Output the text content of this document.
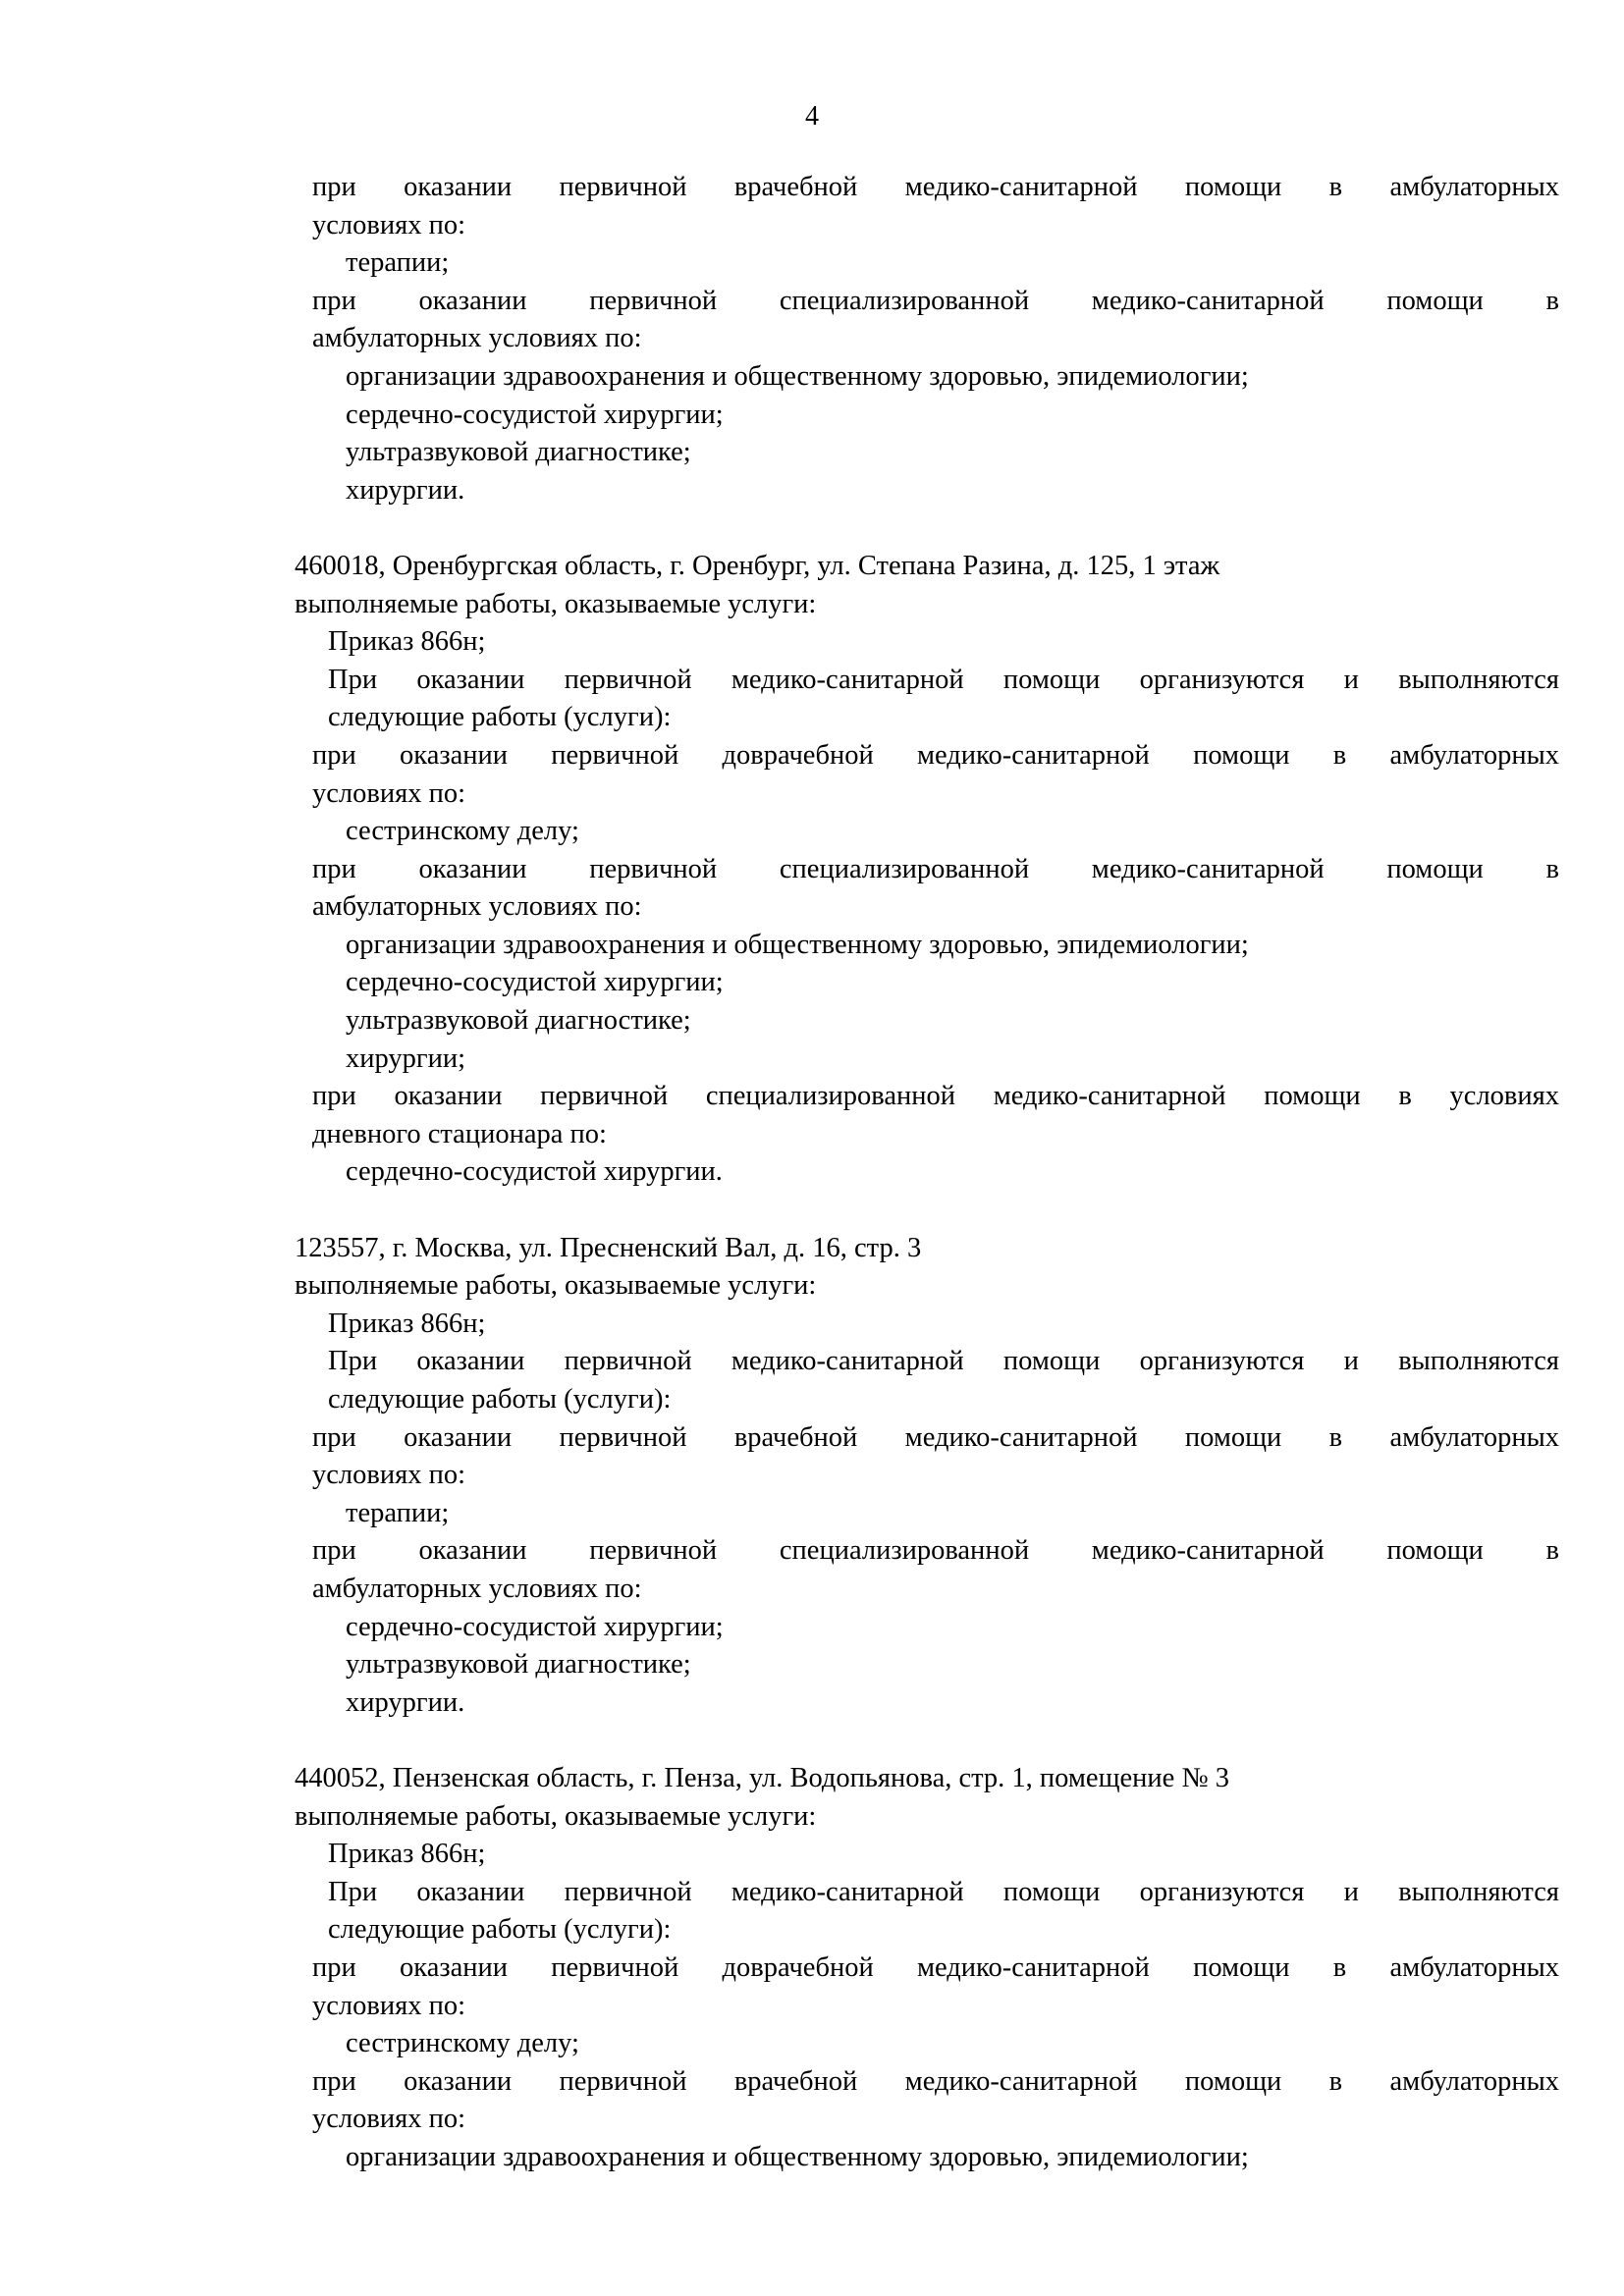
4
при оказании первичной врачебной медико-санитарной помощи в амбулаторных
условиях по:
терапии;
при оказании первичной специализированной медико-санитарной помощи в
амбулаторных условиях по:
организации здравоохранения и общественному здоровью, эпидемиологии;
сердечно-сосудистой хирургии;
ультразвуковой диагностике;
хирургии.
460018, Оренбургская область, г. Оренбург, ул. Степана Разина, д. 125, 1 этаж
выполняемые работы, оказываемые услуги:
Приказ 866н;
При оказании первичной медико-санитарной помощи организуются и выполняются
следующие работы (услуги):
при оказании первичной доврачебной медико-санитарной помощи в амбулаторных
условиях по:
сестринскому делу;
при оказании первичной специализированной медико-санитарной помощи в
амбулаторных условиях по:
организации здравоохранения и общественному здоровью, эпидемиологии;
сердечно-сосудистой хирургии;
ультразвуковой диагностике;
хирургии;
при оказании первичной специализированной медико-санитарной помощи в условиях
дневного стационара по:
сердечно-сосудистой хирургии.
123557, г. Москва, ул. Пресненский Вал, д. 16, стр. 3
выполняемые работы, оказываемые услуги:
Приказ 866н;
При оказании первичной медико-санитарной помощи организуются и выполняются
следующие работы (услуги):
при оказании первичной врачебной медико-санитарной помощи в амбулаторных
условиях по:
терапии;
при оказании первичной специализированной медико-санитарной помощи в
амбулаторных условиях по:
сердечно-сосудистой хирургии;
ультразвуковой диагностике;
хирургии.
440052, Пензенская область, г. Пенза, ул. Водопьянова, стр. 1, помещение № 3
выполняемые работы, оказываемые услуги:
Приказ 866н;
При оказании первичной медико-санитарной помощи организуются и выполняются
следующие работы (услуги):
при оказании первичной доврачебной медико-санитарной помощи в амбулаторных
условиях по:
сестринскому делу;
при оказании первичной врачебной медико-санитарной помощи в амбулаторных
условиях по:
организации здравоохранения и общественному здоровью, эпидемиологии;
